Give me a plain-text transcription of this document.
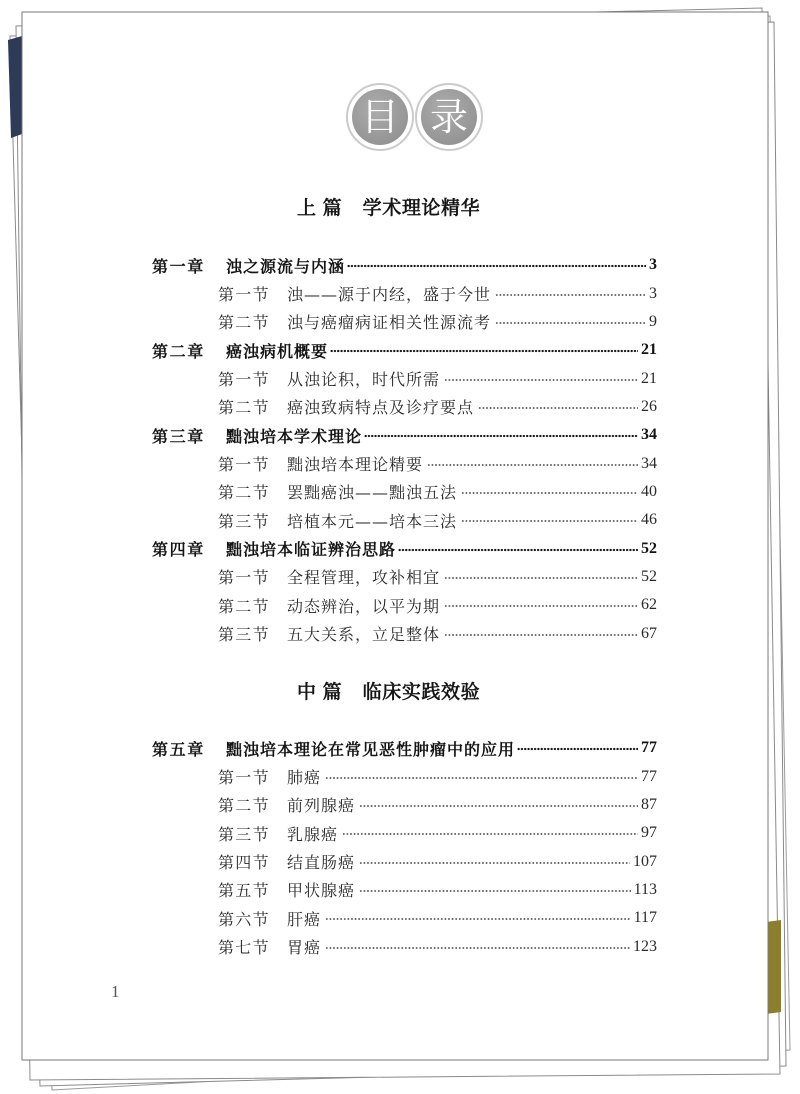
目 录
上 篇 学术理论精华
第一章	浊之源流与内涵	3
第一节	浊——源于内经，盛于今世	3
第二节	浊与癌瘤病证相关性源流考	9
第二章	癌浊病机概要	21
第一节	从浊论积，时代所需	21
第二节	癌浊致病特点及诊疗要点	26
第三章	黜浊培本学术理论	34
第一节	黜浊培本理论精要	34
第二节	罢黜癌浊——黜浊五法	40
第三节	培植本元——培本三法	46
第四章	黜浊培本临证辨治思路	52
第一节	全程管理，攻补相宜	52
第二节	动态辨治，以平为期	62
第三节	五大关系，立足整体	67
中 篇 临床实践效验
第五章	黜浊培本理论在常见恶性肿瘤中的应用	77
第一节	肺癌	77
第二节	前列腺癌	87
第三节	乳腺癌	97
第四节	结直肠癌	107
第五节	甲状腺癌	113
第六节	肝癌	117
第七节	胃癌	123
1
